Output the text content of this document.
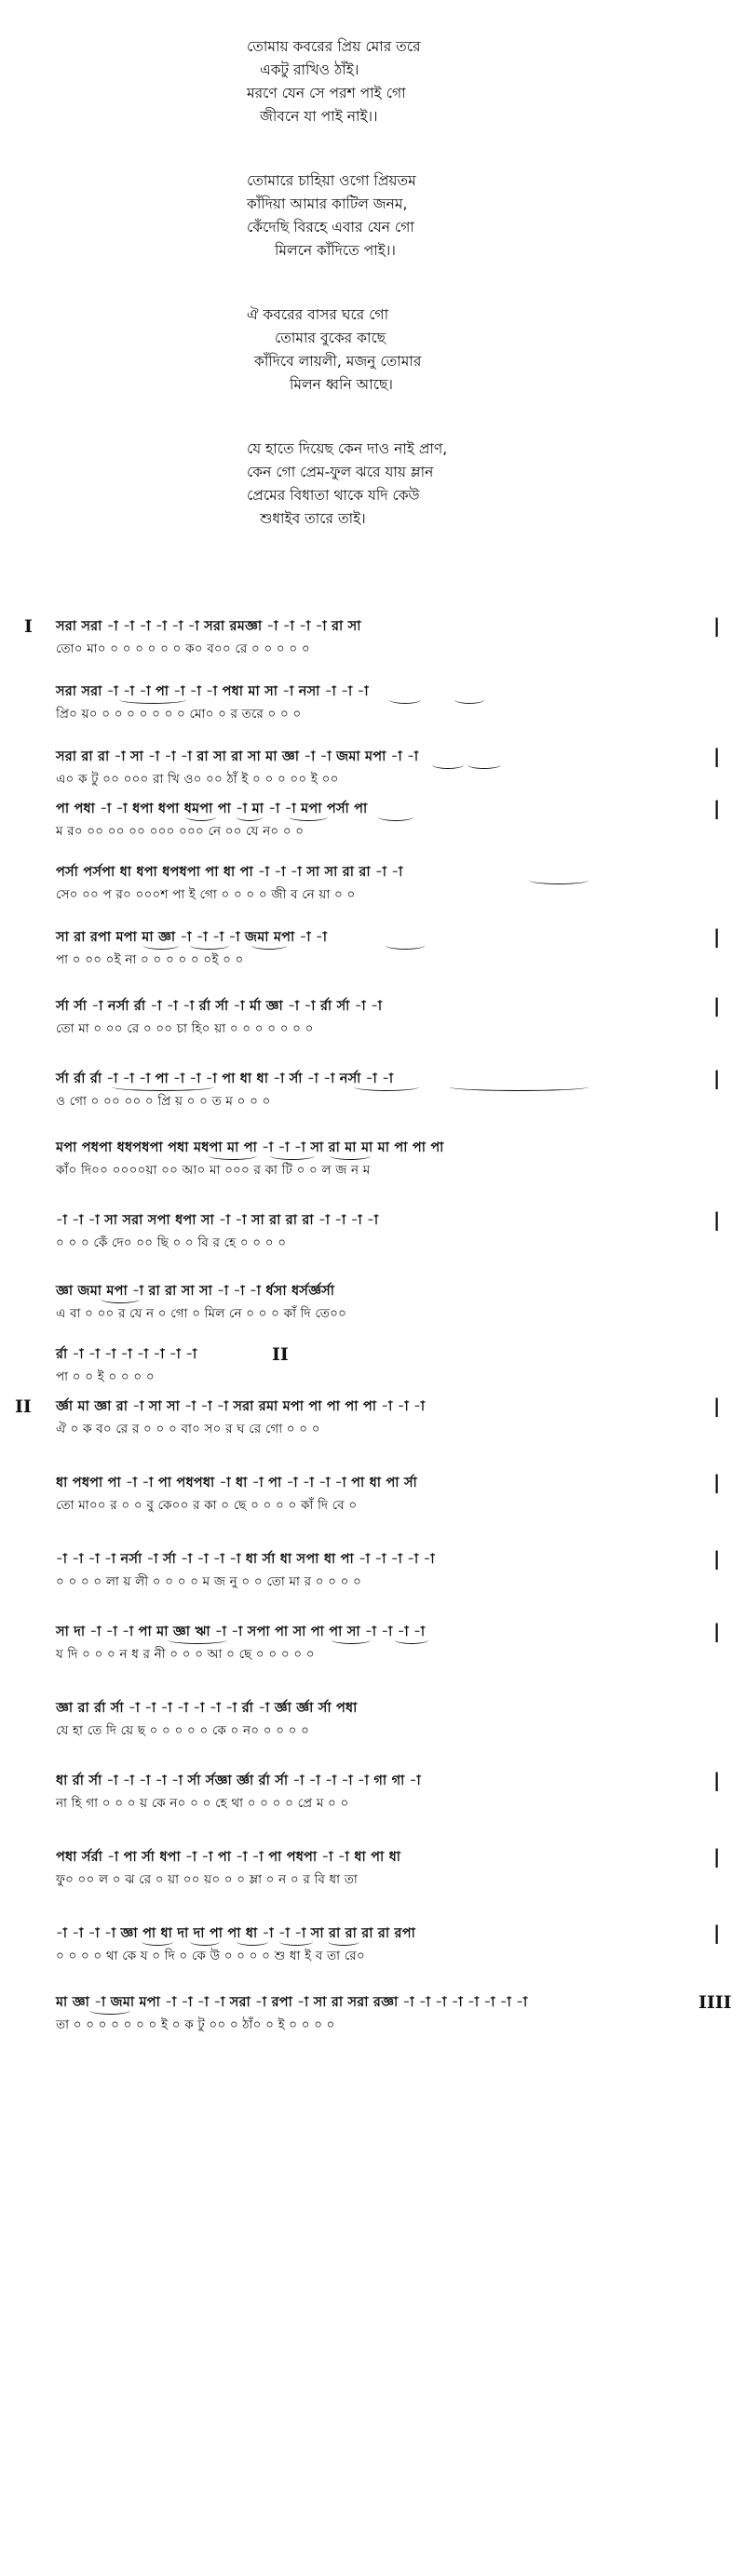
তোমায় কবরের প্রিয় মোর তরে
একটু রাখিও ঠাঁই।
মরণে যেন সে পরশ পাই গো
জীবনে যা পাই নাই।।
তোমারে চাহিয়া ওগো প্রিয়তম
কাঁদিয়া আমার কাটিল জনম,
কেঁদেছি বিরহে এবার যেন গো
মিলনে কাঁদিতে পাই।।
ঐ কবরের বাসর ঘরে গো
তোমার বুকের কাছে
কাঁদিবে লায়লী, মজনু তোমার
মিলন ধ্বনি আছে।
যে হাতে দিয়েছ কেন দাও নাই প্রাণ,
কেন গো প্রেম-ফুল ঝরে যায় ম্লান
প্রেমের বিধাতা থাকে যদি কেউ
শুধাইব তারে তাই।
সরা সরা -া -া -া -া -া -া সরা রমজ্ঞা -া -া -া -া রা সা
তো০ মা০ ০ ০ ০ ০ ০ ০ ক০ ব০০ রে ০ ০ ০ ০ ০
|
I
সরা সরা -া -া -া পা -া -া -া পধা মা সা -া নসা -া -া -া
প্রি০ য়০ ০ ০ ০ ০ ০ ০ ০ মো০ ০ র তরে ০ ০ ০
সরা রা রা -া সা -া -া -া রা সা রা সা মা জ্ঞা -া -া জমা মপা -া -া
এ০ ক টু ০০ ০০০ রা খি ও০ ০০ ঠাঁ ই ০ ০ ০ ০০ ই ০০
|
পা পধা -া -া ধপা ধপা ধমপা পা -া মা -া -া মপা পর্সা পা
ম র০ ০০ ০০ ০০ ০০০ ০০০ নে ০০ যে ন০ ০ ০
|
পর্সা পর্সপা ধা ধপা ধপধপা পা ধা পা -া -া -া সা সা রা রা -া -া
সে০ ০০ প র০ ০০০শ পা ই গো ০ ০ ০ ০ জী ব নে য়া ০ ০
সা রা রপা মপা মা জ্ঞা -া -া -া -া জমা মপা -া -া
পা ০ ০০ ০ই না ০ ০ ০ ০ ০ ০ই ০ ০
|
র্সা র্সা -া নর্সা র্রা -া -া -া র্রা র্সা -া র্মা জ্ঞা -া -া র্রা র্সা -া -া
তো মা ০ ০০ রে ০ ০০ চা হি০ য়া ০ ০ ০ ০ ০ ০ ০
|
র্সা র্রা র্রা -া -া -া পা -া -া -া পা ধা ধা -া র্সা -া -া নর্সা -া -া
ও গো ০ ০০ ০০ ০ প্রি য় ০ ০ ত ম ০ ০ ০
|
মপা পধপা ধধপধপা পধা মধপা মা পা -া -া -া সা রা মা মা মা পা পা পা
কাঁ০ দি০০ ০০০০য়া ০০ আ০ মা ০০০ র কা টি ০ ০ ল জ ন ম
-া -া -া সা সরা সপা ধপা সা -া -া সা রা রা রা -া -া -া -া
০ ০ ০ কেঁ দে০ ০০ ছি ০ ০ বি র হে ০ ০ ০ ০
|
জ্ঞা জমা মপা -া রা রা সা সা -া -া -া র্ধসা ধর্সর্জ্ঞর্সা
এ বা ০ ০০ র যে ন ০ গো ০ মিল নে ০ ০ ০ কাঁ দি তে০০
র্রা -া -া -া -া -া -া -া -া
পা ০ ০ ই ০ ০ ০ ০
II
র্জ্ঞা মা জ্ঞা রা -া সা সা -া -া -া সরা রমা মপা পা পা পা পা -া -া -া
ঐ ০ ক ব০ রে র ০ ০ ০ বা০ স০ র ঘ রে গো ০ ০ ০
|
II
ধা পধপা পা -া -া পা পধপধা -া ধা -া পা -া -া -া -া পা ধা পা র্সা
তো মা০০ র ০ ০ বু কে০০ র কা ০ ছে ০ ০ ০ ০ কাঁ দি বে ০
|
-া -া -া -া নর্সা -া র্সা -া -া -া -া ধা র্সা ধা সপা ধা পা -া -া -া -া -া
০ ০ ০ ০ লা য় লী ০ ০ ০ ০ ম জ নু ০ ০ তো মা র ০ ০ ০ ০
|
সা দা -া -া -া পা মা জ্ঞা ঋা -া -া সপা পা সা পা পা সা -া -া -া -া
য দি ০ ০ ০ ন ধ র নী ০ ০ ০ আ ০ ছে ০ ০ ০ ০ ০
|
জ্ঞা রা র্রা র্সা -া -া -া -া -া -া -া র্রা -া র্জ্ঞা র্জ্ঞা র্সা পধা
যে হা তে দি য়ে ছ ০ ০ ০ ০ ০ কে ০ ন০ ০ ০ ০ ০
ধা র্রা র্সা -া -া -া -া -া র্সা র্সজ্ঞা র্জ্ঞা র্রা র্সা -া -া -া -া -া গা গা -া
না হি গা ০ ০ ০ য় কে ন০ ০ ০ হে থা ০ ০ ০ ০ প্রে ম ০ ০
|
পধা র্সর্রা -া পা র্সা ধপা -া -া পা -া -া পা পধপা -া -া ধা পা ধা
ফু০ ০০ ল ০ ঝ রে ০ য়া ০০ য়০ ০ ০ ম্লা ০ ন ০ র বি ধা তা
|
-া -া -া -া জ্ঞা পা ধা দা দা পা পা ধা -া -া -া সা রা রা রা রা রপা
০ ০ ০ ০ থা কে য ০ দি ০ কে উ ০ ০ ০ ০ শু ধা ই ব তা রে০
|
মা জ্ঞা -া জমা মপা -া -া -া -া সরা -া রপা -া সা রা সরা রজ্ঞা -া -া -া -া -া -া -া -া
তা ০ ০ ০ ০ ০ ০ ০ ই ০ ক টু ০০ ০ ঠাঁ০ ০ ই ০ ০ ০ ০
IIII
